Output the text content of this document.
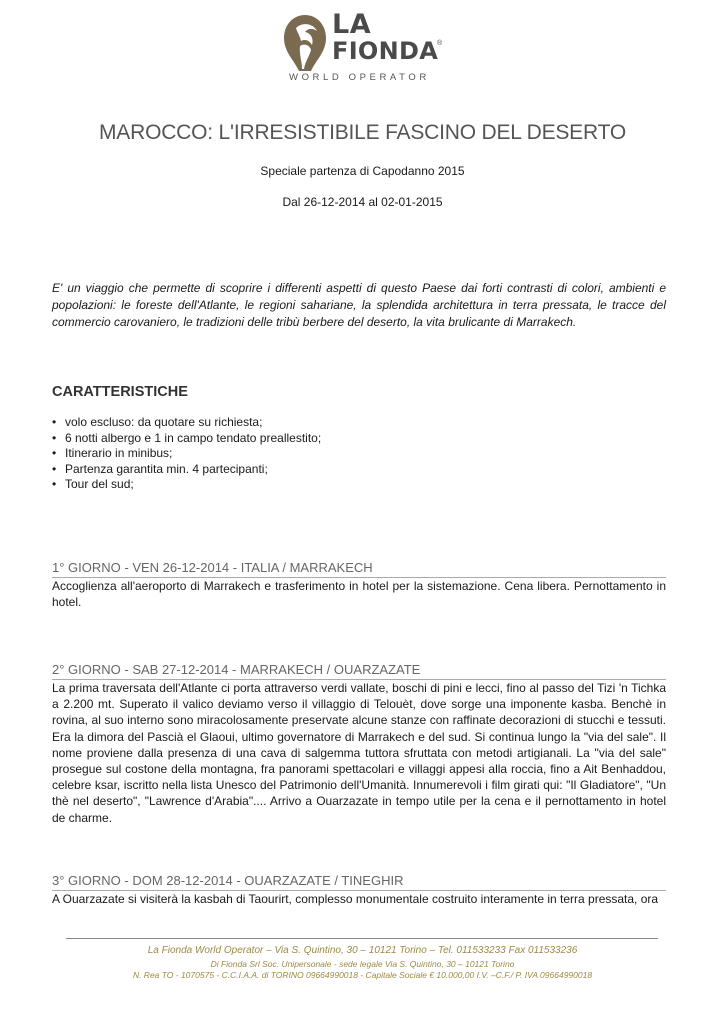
LA
FIONDA
®
WORLD OPERATOR
MAROCCO: L'IRRESISTIBILE FASCINO DEL DESERTO
Speciale partenza di Capodanno 2015
Dal 26-12-2014 al 02-01-2015
E' un viaggio che permette di scoprire i differenti aspetti di questo Paese dai forti contrasti di colori, ambienti e popolazioni: le foreste dell'Atlante, le regioni sahariane, la splendida architettura in terra pressata, le tracce del commercio carovaniero, le tradizioni delle tribù berbere del deserto, la vita brulicante di Marrakech.
CARATTERISTICHE
• volo escluso: da quotare su richiesta;
• 6 notti albergo e 1 in campo tendato preallestito;
• Itinerario in minibus;
• Partenza garantita min. 4 partecipanti;
• Tour del sud;
1° GIORNO - VEN 26-12-2014 - ITALIA / MARRAKECH
Accoglienza all'aeroporto di Marrakech e trasferimento in hotel per la sistemazione. Cena libera. Pernottamento in hotel.
2° GIORNO - SAB 27-12-2014 - MARRAKECH / OUARZAZATE
La prima traversata dell'Atlante ci porta attraverso verdi vallate, boschi di pini e lecci, fino al passo del Tizi 'n Tichka a 2.200 mt. Superato il valico deviamo verso il villaggio di Telouèt, dove sorge una imponente kasba. Benchè in rovina, al suo interno sono miracolosamente preservate alcune stanze con raffinate decorazioni di stucchi e tessuti. Era la dimora del Pascià el Glaoui, ultimo governatore di Marrakech e del sud. Si continua lungo la "via del sale". Il nome proviene dalla presenza di una cava di salgemma tuttora sfruttata con metodi artigianali. La "via del sale" prosegue sul costone della montagna, fra panorami spettacolari e villaggi appesi alla roccia, fino a Ait Benhaddou, celebre ksar, iscritto nella lista Unesco del Patrimonio dell'Umanità. Innumerevoli i film girati qui: "Il Gladiatore", "Un thè nel deserto", "Lawrence d'Arabia".... Arrivo a Ouarzazate in tempo utile per la cena e il pernottamento in hotel de charme.
3° GIORNO - DOM 28-12-2014 - OUARZAZATE / TINEGHIR
A Ouarzazate si visiterà la kasbah di Taourirt, complesso monumentale costruito interamente in terra pressata, ora
La Fionda World Operator – Via S. Quintino, 30 – 10121 Torino – Tel. 011533233 Fax 011533236
Di Fionda Srl Soc. Unipersonale - sede legale Via S. Quintino, 30 – 10121 Torino
N. Rea TO - 1070575 - C.C.I.A.A. di TORINO 09664990018 - Capitale Sociale € 10.000,00 I.V. –C.F./ P. IVA 09664990018
